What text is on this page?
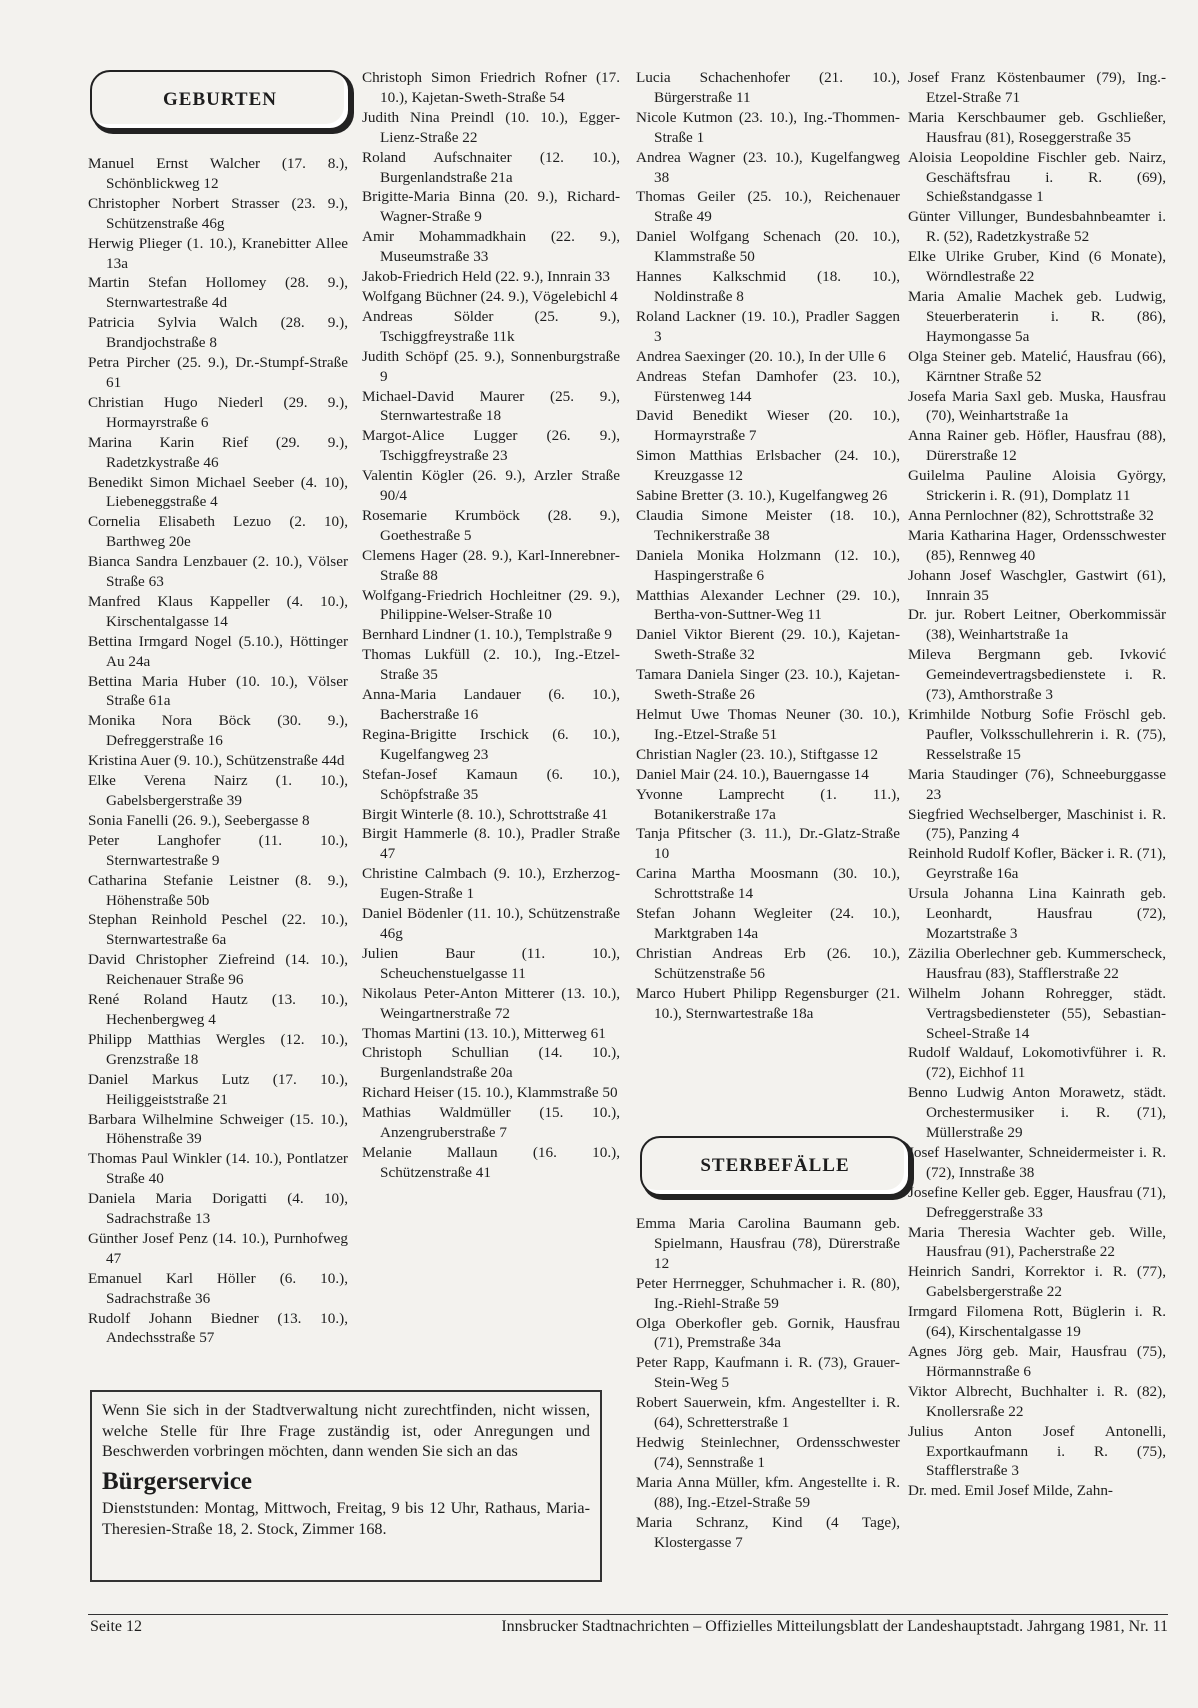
GEBURTEN

Manuel Ernst Walcher (17. 8.), Schönblickweg 12

Christopher Norbert Strasser (23. 9.), Schützenstraße 46g

Herwig Plieger (1. 10.), Kranebitter Allee 13a

Martin Stefan Hollomey (28. 9.), Sternwartestraße 4d

Patricia Sylvia Walch (28. 9.), Brandjochstraße 8

Petra Pircher (25. 9.), Dr.-Stumpf-Straße 61

Christian Hugo Niederl (29. 9.), Hormayrstraße 6

Marina Karin Rief (29. 9.), Radetzkystraße 46

Benedikt Simon Michael Seeber (4. 10), Liebeneggstraße 4

Cornelia Elisabeth Lezuo (2. 10), Barthweg 20e

Bianca Sandra Lenzbauer (2. 10.), Völser Straße 63

Manfred Klaus Kappeller (4. 10.), Kirschentalgasse 14

Bettina Irmgard Nogel (5.10.), Höttinger Au 24a

Bettina Maria Huber (10. 10.), Völser Straße 61a

Monika Nora Böck (30. 9.), Defreggerstraße 16

Kristina Auer (9. 10.), Schützenstraße 44d

Elke Verena Nairz (1. 10.), Gabelsbergerstraße 39

Sonia Fanelli (26. 9.), Seebergasse 8

Peter Langhofer (11. 10.), Sternwartestraße 9

Catharina Stefanie Leistner (8. 9.), Höhenstraße 50b

Stephan Reinhold Peschel (22. 10.), Sternwartestraße 6a

David Christopher Ziefreind (14. 10.), Reichenauer Straße 96

René Roland Hautz (13. 10.), Hechenbergweg 4

Philipp Matthias Wergles (12. 10.), Grenzstraße 18

Daniel Markus Lutz (17. 10.), Heiliggeiststraße 21

Barbara Wilhelmine Schweiger (15. 10.), Höhenstraße 39

Thomas Paul Winkler (14. 10.), Pontlatzer Straße 40

Daniela Maria Dorigatti (4. 10), Sadrachstraße 13

Günther Josef Penz (14. 10.), Purnhofweg 47

Emanuel Karl Höller (6. 10.), Sadrachstraße 36

Rudolf Johann Biedner (13. 10.), Andechsstraße 57

Christoph Simon Friedrich Rofner (17. 10.), Kajetan-Sweth-Straße 54

Judith Nina Preindl (10. 10.), Egger-Lienz-Straße 22

Roland Aufschnaiter (12. 10.), Burgenlandstraße 21a

Brigitte-Maria Binna (20. 9.), Richard-Wagner-Straße 9

Amir Mohammadkhain (22. 9.), Museumstraße 33

Jakob-Friedrich Held (22. 9.), Innrain 33

Wolfgang Büchner (24. 9.), Vögelebichl 4

Andreas Sölder (25. 9.), Tschiggfreystraße 11k

Judith Schöpf (25. 9.), Sonnenburgstraße 9

Michael-David Maurer (25. 9.), Sternwartestraße 18

Margot-Alice Lugger (26. 9.), Tschiggfreystraße 23

Valentin Kögler (26. 9.), Arzler Straße 90/4

Rosemarie Krumböck (28. 9.), Goethestraße 5

Clemens Hager (28. 9.), Karl-Innerebner-Straße 88

Wolfgang-Friedrich Hochleitner (29. 9.), Philippine-Welser-Straße 10

Bernhard Lindner (1. 10.), Templstraße 9

Thomas Lukfüll (2. 10.), Ing.-Etzel-Straße 35

Anna-Maria Landauer (6. 10.), Bacherstraße 16

Regina-Brigitte Irschick (6. 10.), Kugelfangweg 23

Stefan-Josef Kamaun (6. 10.), Schöpfstraße 35

Birgit Winterle (8. 10.), Schrottstraße 41

Birgit Hammerle (8. 10.), Pradler Straße 47

Christine Calmbach (9. 10.), Erzherzog-Eugen-Straße 1

Daniel Bödenler (11. 10.), Schützenstraße 46g

Julien Baur (11. 10.), Scheuchenstuelgasse 11

Nikolaus Peter-Anton Mitterer (13. 10.), Weingartnerstraße 72

Thomas Martini (13. 10.), Mitterweg 61

Christoph Schullian (14. 10.), Burgenlandstraße 20a

Richard Heiser (15. 10.), Klammstraße 50

Mathias Waldmüller (15. 10.), Anzengruberstraße 7

Melanie Mallaun (16. 10.), Schützenstraße 41

Lucia Schachenhofer (21. 10.), Bürgerstraße 11

Nicole Kutmon (23. 10.), Ing.-Thommen-Straße 1

Andrea Wagner (23. 10.), Kugelfangweg 38

Thomas Geiler (25. 10.), Reichenauer Straße 49

Daniel Wolfgang Schenach (20. 10.), Klammstraße 50

Hannes Kalkschmid (18. 10.), Noldinstraße 8

Roland Lackner (19. 10.), Pradler Saggen 3

Andrea Saexinger (20. 10.), In der Ulle 6

Andreas Stefan Damhofer (23. 10.), Fürstenweg 144

David Benedikt Wieser (20. 10.), Hormayrstraße 7

Simon Matthias Erlsbacher (24. 10.), Kreuzgasse 12

Sabine Bretter (3. 10.), Kugelfangweg 26

Claudia Simone Meister (18. 10.), Technikerstraße 38

Daniela Monika Holzmann (12. 10.), Haspingerstraße 6

Matthias Alexander Lechner (29. 10.), Bertha-von-Suttner-Weg 11

Daniel Viktor Bierent (29. 10.), Kajetan-Sweth-Straße 32

Tamara Daniela Singer (23. 10.), Kajetan-Sweth-Straße 26

Helmut Uwe Thomas Neuner (30. 10.), Ing.-Etzel-Straße 51

Christian Nagler (23. 10.), Stiftgasse 12

Daniel Mair (24. 10.), Bauerngasse 14

Yvonne Lamprecht (1. 11.), Botanikerstraße 17a

Tanja Pfitscher (3. 11.), Dr.-Glatz-Straße 10

Carina Martha Moosmann (30. 10.), Schrottstraße 14

Stefan Johann Wegleiter (24. 10.), Marktgraben 14a

Christian Andreas Erb (26. 10.), Schützenstraße 56

Marco Hubert Philipp Regensburger (21. 10.), Sternwartestraße 18a

STERBEFÄLLE

Emma Maria Carolina Baumann geb. Spielmann, Hausfrau (78), Dürerstraße 12

Peter Herrnegger, Schuhmacher i. R. (80), Ing.-Riehl-Straße 59

Olga Oberkofler geb. Gornik, Hausfrau (71), Premstraße 34a

Peter Rapp, Kaufmann i. R. (73), Grauer-Stein-Weg 5

Robert Sauerwein, kfm. Angestellter i. R. (64), Schretterstraße 1

Hedwig Steinlechner, Ordensschwester (74), Sennstraße 1

Maria Anna Müller, kfm. Angestellte i. R. (88), Ing.-Etzel-Straße 59

Maria Schranz, Kind (4 Tage), Klostergasse 7

Josef Franz Köstenbaumer (79), Ing.-Etzel-Straße 71

Maria Kerschbaumer geb. Gschließer, Hausfrau (81), Roseggerstraße 35

Aloisia Leopoldine Fischler geb. Nairz, Geschäftsfrau i. R. (69), Schießstandgasse 1

Günter Villunger, Bundesbahnbeamter i. R. (52), Radetzkystraße 52

Elke Ulrike Gruber, Kind (6 Monate), Wörndlestraße 22

Maria Amalie Machek geb. Ludwig, Steuerberaterin i. R. (86), Haymongasse 5a

Olga Steiner geb. Matelić, Hausfrau (66), Kärntner Straße 52

Josefa Maria Saxl geb. Muska, Hausfrau (70), Weinhartstraße 1a

Anna Rainer geb. Höfler, Hausfrau (88), Dürerstraße 12

Guilelma Pauline Aloisia György, Strickerin i. R. (91), Domplatz 11

Anna Pernlochner (82), Schrottstraße 32

Maria Katharina Hager, Ordensschwester (85), Rennweg 40

Johann Josef Waschgler, Gastwirt (61), Innrain 35

Dr. jur. Robert Leitner, Oberkommissär (38), Weinhartstraße 1a

Mileva Bergmann geb. Ivković Gemeindevertragsbedienstete i. R. (73), Amthorstraße 3

Krimhilde Notburg Sofie Fröschl geb. Paufler, Volksschullehrerin i. R. (75), Resselstraße 15

Maria Staudinger (76), Schneeburggasse 23

Siegfried Wechselberger, Maschinist i. R. (75), Panzing 4

Reinhold Rudolf Kofler, Bäcker i. R. (71), Geyrstraße 16a

Ursula Johanna Lina Kainrath geb. Leonhardt, Hausfrau (72), Mozartstraße 3

Zäzilia Oberlechner geb. Kummerscheck, Hausfrau (83), Stafflerstraße 22

Wilhelm Johann Rohregger, städt. Vertragsbediensteter (55), Sebastian-Scheel-Straße 14

Rudolf Waldauf, Lokomotivführer i. R. (72), Eichhof 11

Benno Ludwig Anton Morawetz, städt. Orchestermusiker i. R. (71), Müllerstraße 29

Josef Haselwanter, Schneidermeister i. R. (72), Innstraße 38

Josefine Keller geb. Egger, Hausfrau (71), Defreggerstraße 33

Maria Theresia Wachter geb. Wille, Hausfrau (91), Pacherstraße 22

Heinrich Sandri, Korrektor i. R. (77), Gabelsbergerstraße 22

Irmgard Filomena Rott, Büglerin i. R. (64), Kirschentalgasse 19

Agnes Jörg geb. Mair, Hausfrau (75), Hörmannstraße 6

Viktor Albrecht, Buchhalter i. R. (82), Knollersraße 22

Julius Anton Josef Antonelli, Exportkaufmann i. R. (75), Stafflerstraße 3

Dr. med. Emil Josef Milde, Zahn-

Wenn Sie sich in der Stadtverwaltung nicht zurechtfinden, nicht wissen, welche Stelle für Ihre Frage zuständig ist, oder Anregungen und Beschwerden vorbringen möchten, dann wenden Sie sich an das

Bürgerservice

Dienststunden: Montag, Mittwoch, Freitag, 9 bis 12 Uhr, Rathaus, Maria-Theresien-Straße 18, 2. Stock, Zimmer 168.

Seite 12	Innsbrucker Stadtnachrichten – Offizielles Mitteilungsblatt der Landeshauptstadt. Jahrgang 1981, Nr. 11
